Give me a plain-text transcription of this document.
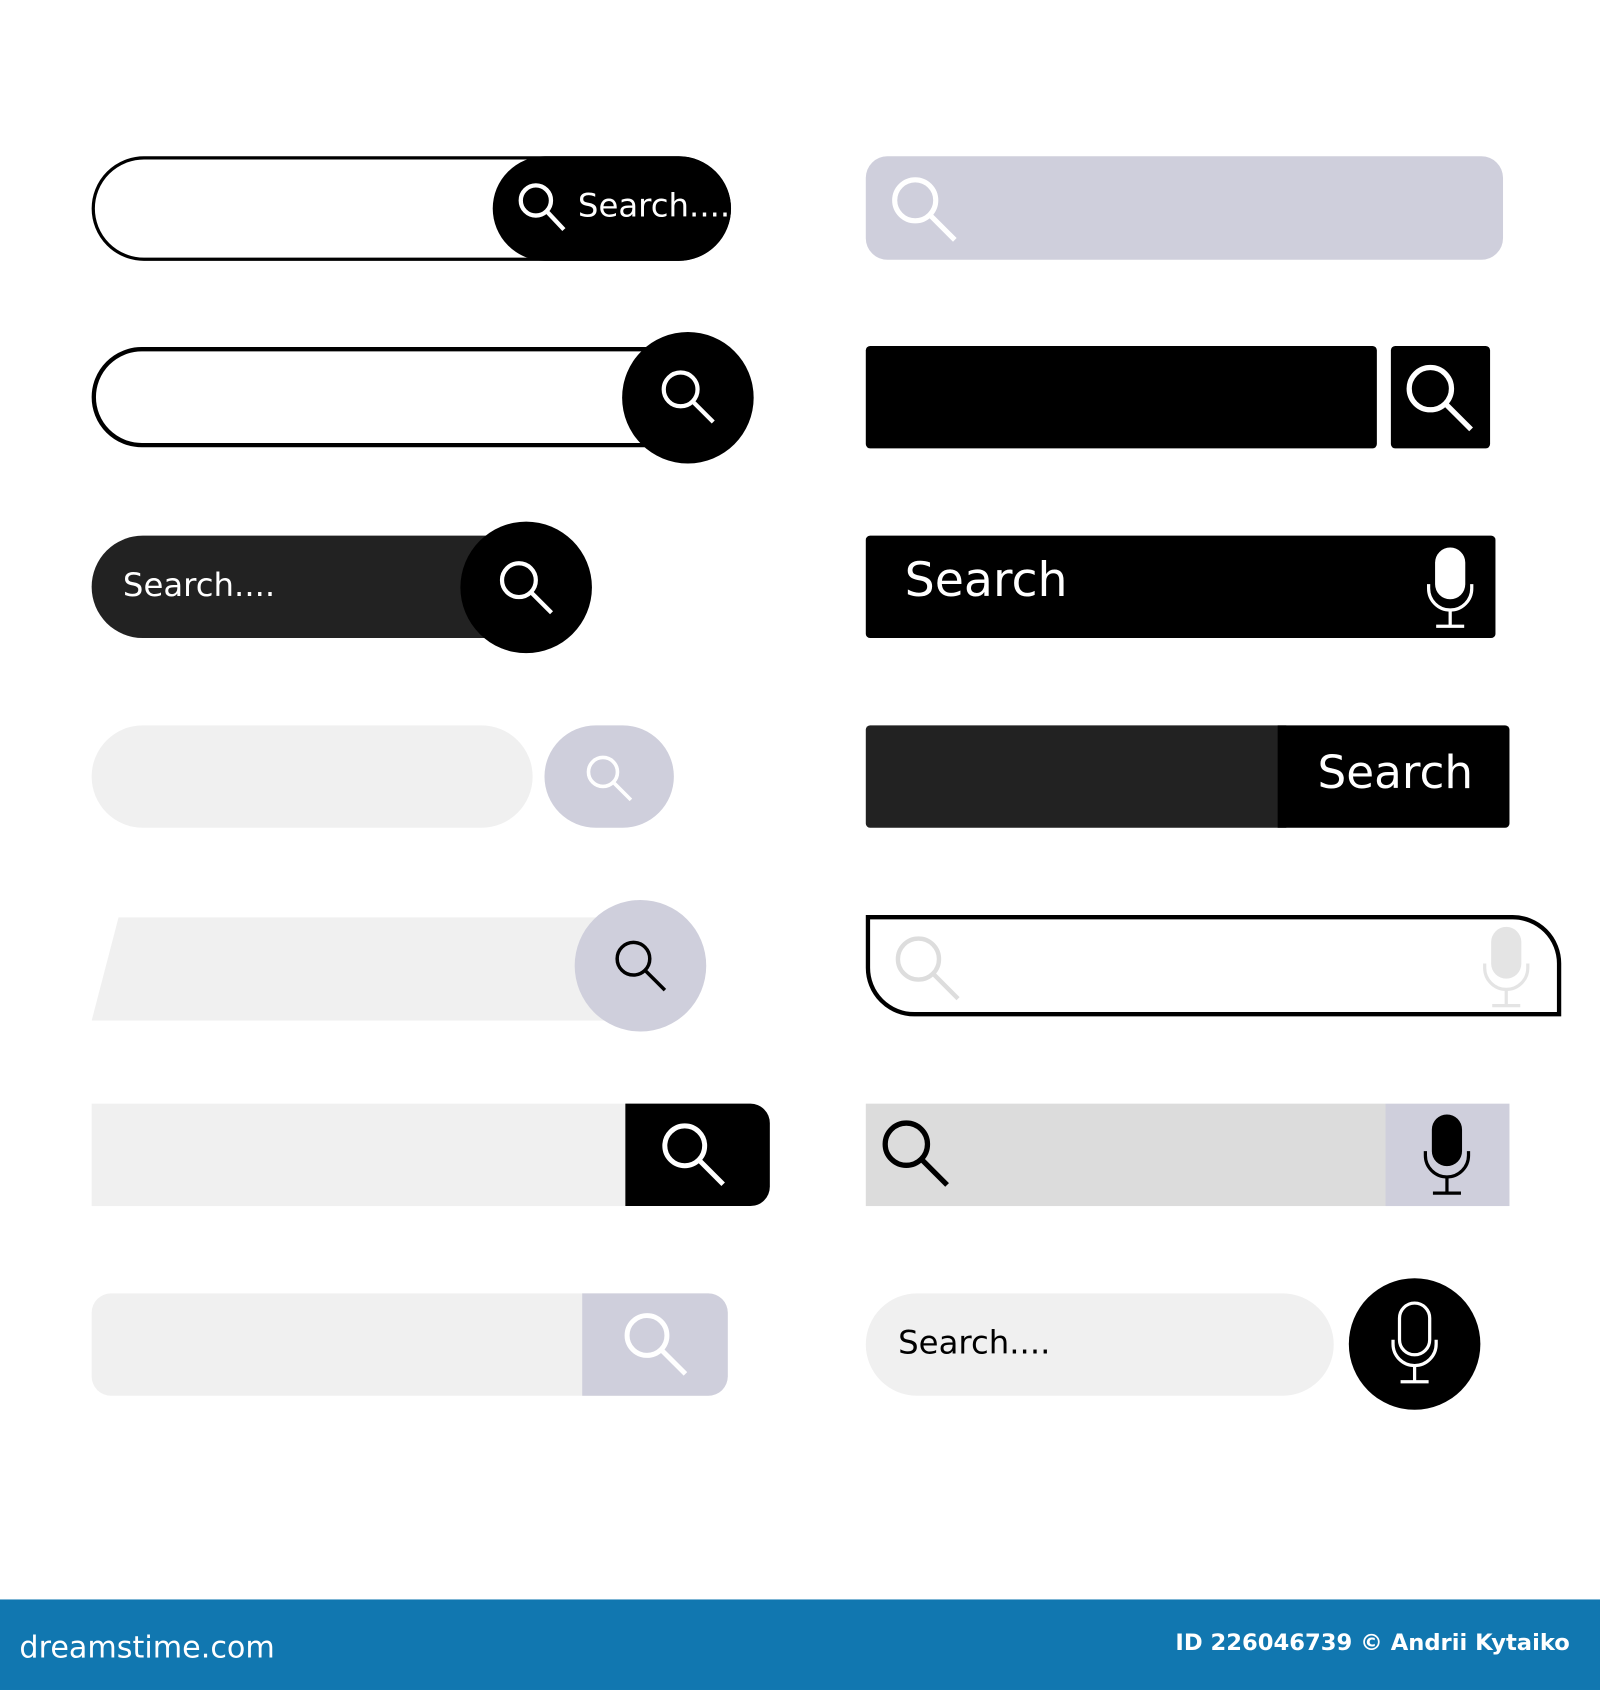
Search....
Search....	Search
Search
Search....
dreamstime.com	ID 226046739 © Andrii Kytaiko
